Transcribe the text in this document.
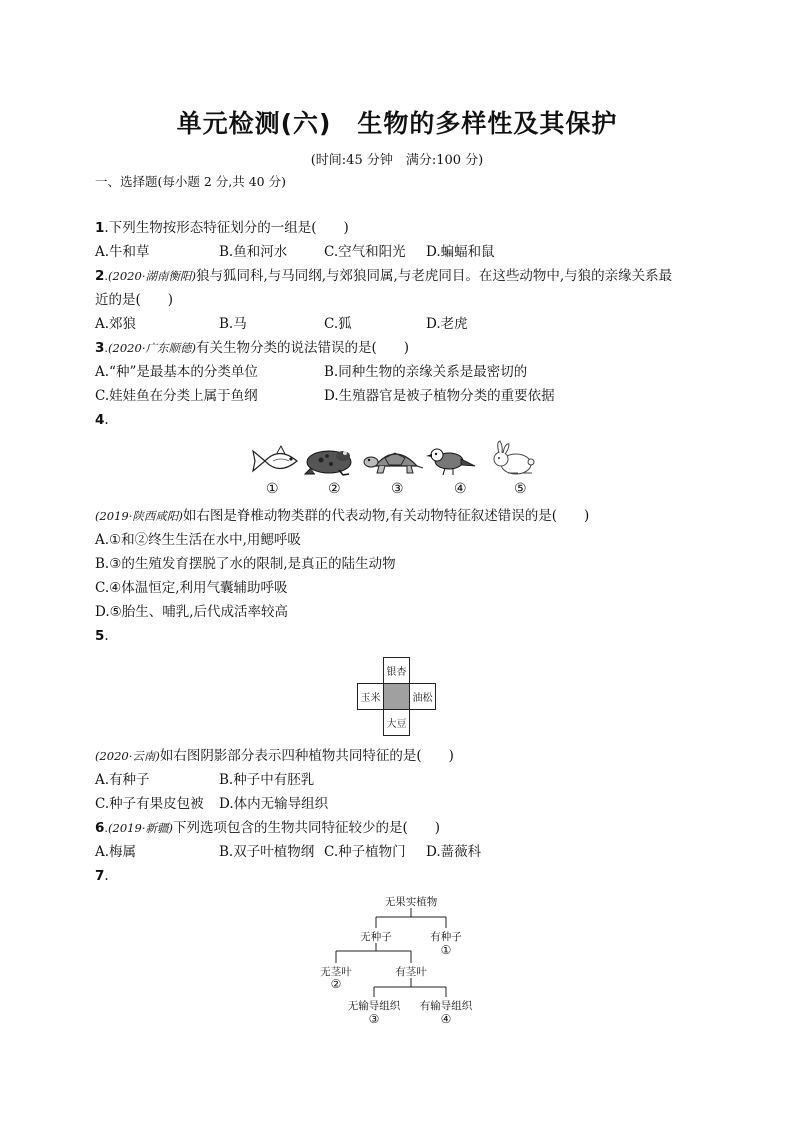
单元检测(六)　生物的多样性及其保护
(时间:45 分钟　满分:100 分)
一、选择题(每小题 2 分,共 40 分)
1.下列生物按形态特征划分的一组是(　　)
A.牛和草	B.鱼和河水	C.空气和阳光 D.蝙蝠和鼠
2.(2020·湖南衡阳)狼与狐同科,与马同纲,与郊狼同属,与老虎同目。在这些动物中,与狼的亲缘关系最
近的是(　　)
A.郊狼	B.马	C.狐	D.老虎
3.(2020·广东顺德)有关生物分类的说法错误的是(　　)
A.“种”是最基本的分类单位	B.同种生物的亲缘关系是最密切的
C.娃娃鱼在分类上属于鱼纲	D.生殖器官是被子植物分类的重要依据
4.
①	②	③	④	⑤
(2019·陕西咸阳)如右图是脊椎动物类群的代表动物,有关动物特征叙述错误的是(　　)
A.①和②终生生活在水中,用鳃呼吸
B.③的生殖发育摆脱了水的限制,是真正的陆生动物
C.④体温恒定,利用气囊辅助呼吸
D.⑤胎生、哺乳,后代成活率较高
5.
银杏
玉米	油松
大豆
(2020·云南)如右图阴影部分表示四种植物共同特征的是(　　)
A.有种子	B.种子中有胚乳
C.种子有果皮包被 D.体内无输导组织
6.(2019·新疆)下列选项包含的生物共同特征较少的是(　　)
A.梅属	B.双子叶植物纲 C.种子植物门 D.蔷薇科
7.
无果实植物
无种子	有种子
①
无茎叶	有茎叶
②
无输导组织 有输导组织
③	④
